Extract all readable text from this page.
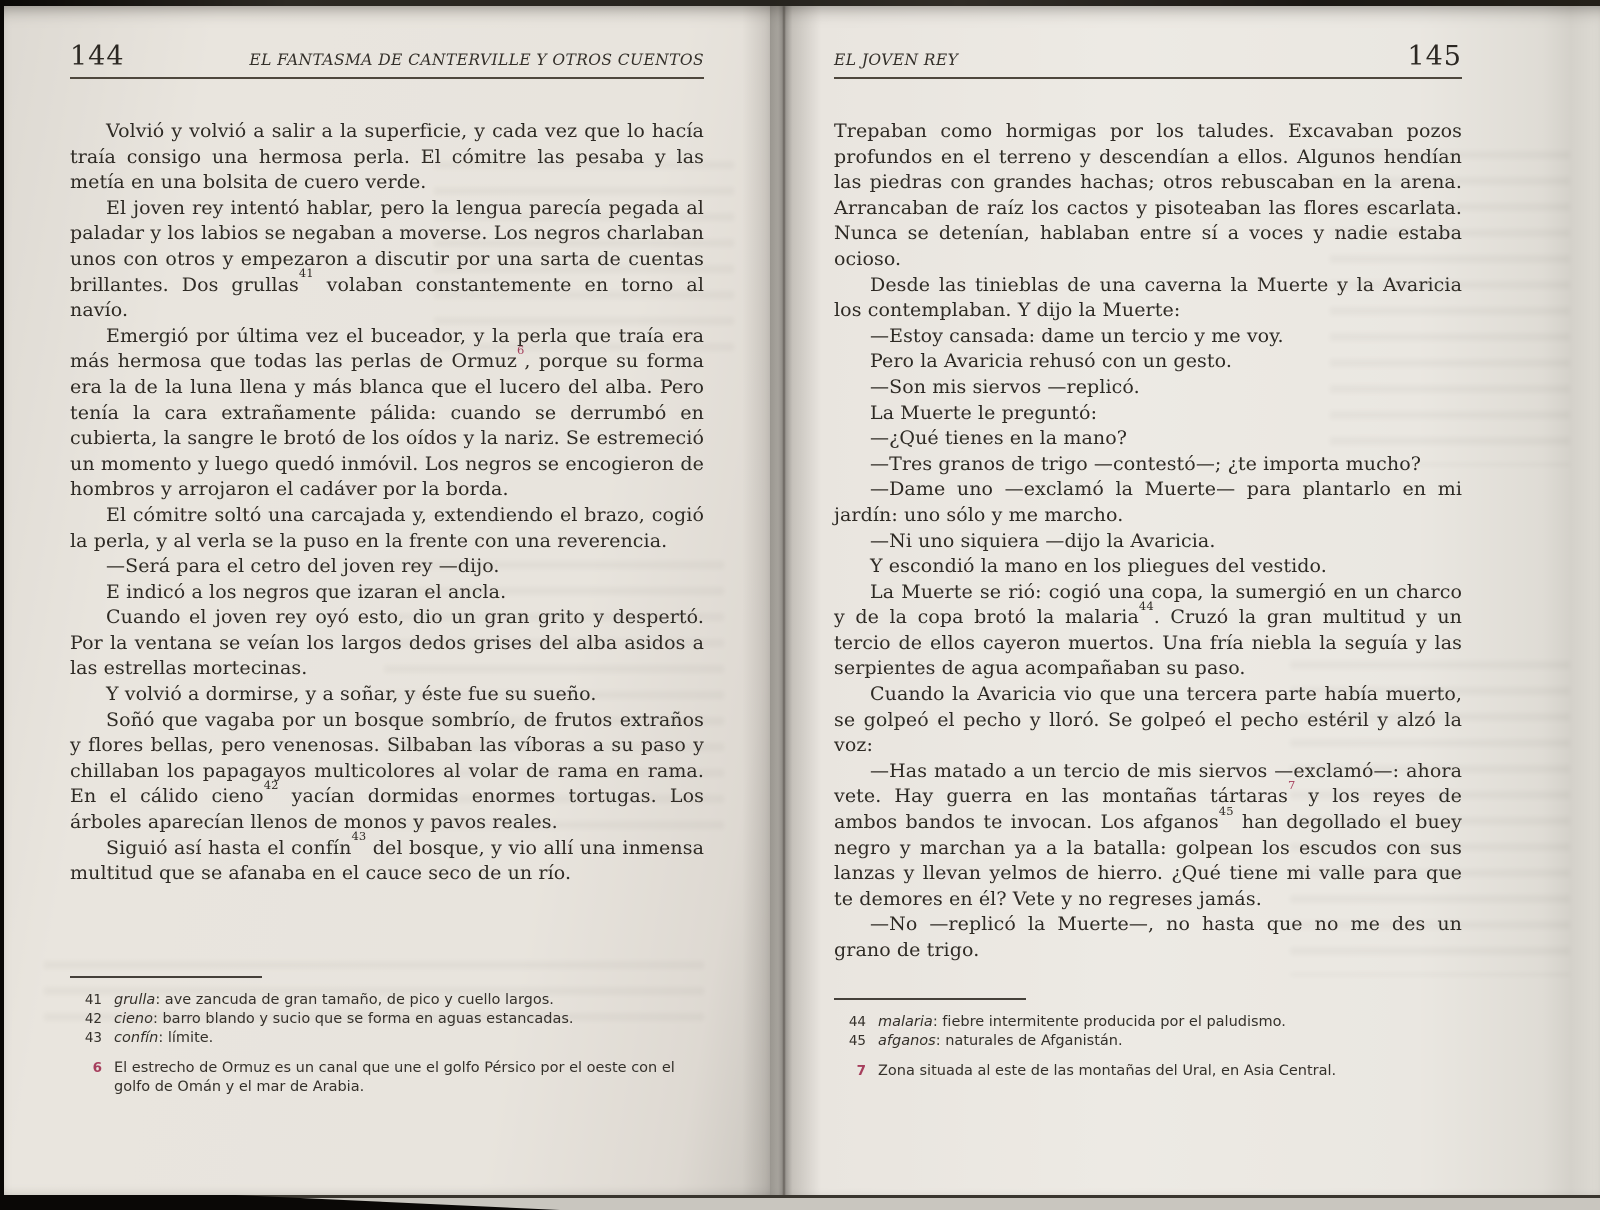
144	EL FANTASMA DE CANTERVILLE Y OTROS CUENTOS

Volvió y volvió a salir a la superficie, y cada vez que lo hacía traía consigo una hermosa perla. El cómitre las pesaba y las metía en una bolsita de cuero verde.

El joven rey intentó hablar, pero la lengua parecía pegada al paladar y los labios se negaban a moverse. Los negros charlaban unos con otros y empezaron a discutir por una sarta de cuentas brillantes. Dos grullas$^{41}$ volaban constantemente en torno al navío.

Emergió por última vez el buceador, y la perla que traía era más hermosa que todas las perlas de Ormuz$^6$, porque su forma era la de la luna llena y más blanca que el lucero del alba. Pero tenía la cara extrañamente pálida: cuando se derrumbó en cubierta, la sangre le brotó de los oídos y la nariz. Se estremeció un momento y luego quedó inmóvil. Los negros se encogieron de hombros y arrojaron el cadáver por la borda.

El cómitre soltó una carcajada y, extendiendo el brazo, cogió la perla, y al verla se la puso en la frente con una reverencia.

—Será para el cetro del joven rey —dijo.

E indicó a los negros que izaran el ancla.

Cuando el joven rey oyó esto, dio un gran grito y despertó. Por la ventana se veían los largos dedos grises del alba asidos a las estrellas mortecinas.

Y volvió a dormirse, y a soñar, y éste fue su sueño.

Soñó que vagaba por un bosque sombrío, de frutos extraños y flores bellas, pero venenosas. Silbaban las víboras a su paso y chillaban los papagayos multicolores al volar de rama en rama. En el cálido cieno$^{42}$ yacían dormidas enormes tortugas. Los árboles aparecían llenos de monos y pavos reales.

Siguió así hasta el confín$^{43}$ del bosque, y vio allí una inmensa multitud que se afanaba en el cauce seco de un río.

41 grulla: ave zancuda de gran tamaño, de pico y cuello largos.
42 cieno: barro blando y sucio que se forma en aguas estancadas.
43 confín: límite.
6 El estrecho de Ormuz es un canal que une el golfo Pérsico por el oeste con el golfo de Omán y el mar de Arabia.
EL JOVEN REY	145

Trepaban como hormigas por los taludes. Excavaban pozos profundos en el terreno y descendían a ellos. Algunos hendían las piedras con grandes hachas; otros rebuscaban en la arena. Arrancaban de raíz los cactos y pisoteaban las flores escarlata. Nunca se detenían, hablaban entre sí a voces y nadie estaba ocioso.

Desde las tinieblas de una caverna la Muerte y la Avaricia los contemplaban. Y dijo la Muerte:

—Estoy cansada: dame un tercio y me voy.

Pero la Avaricia rehusó con un gesto.

—Son mis siervos —replicó.

La Muerte le preguntó:

—¿Qué tienes en la mano?

—Tres granos de trigo —contestó—; ¿te importa mucho?

—Dame uno —exclamó la Muerte— para plantarlo en mi jardín: uno sólo y me marcho.

—Ni uno siquiera —dijo la Avaricia.

Y escondió la mano en los pliegues del vestido.

La Muerte se rió: cogió una copa, la sumergió en un charco y de la copa brotó la malaria$^{44}$. Cruzó la gran multitud y un tercio de ellos cayeron muertos. Una fría niebla la seguía y las serpientes de agua acompañaban su paso.

Cuando la Avaricia vio que una tercera parte había muerto, se golpeó el pecho y lloró. Se golpeó el pecho estéril y alzó la voz:

—Has matado a un tercio de mis siervos —exclamó—: ahora vete. Hay guerra en las montañas tártaras$^7$ y los reyes de ambos bandos te invocan. Los afganos$^{45}$ han degollado el buey negro y marchan ya a la batalla: golpean los escudos con sus lanzas y llevan yelmos de hierro. ¿Qué tiene mi valle para que te demores en él? Vete y no regreses jamás.

—No —replicó la Muerte—, no hasta que no me des un grano de trigo.

44 malaria: fiebre intermitente producida por el paludismo.
45 afganos: naturales de Afganistán.
7 Zona situada al este de las montañas del Ural, en Asia Central.
